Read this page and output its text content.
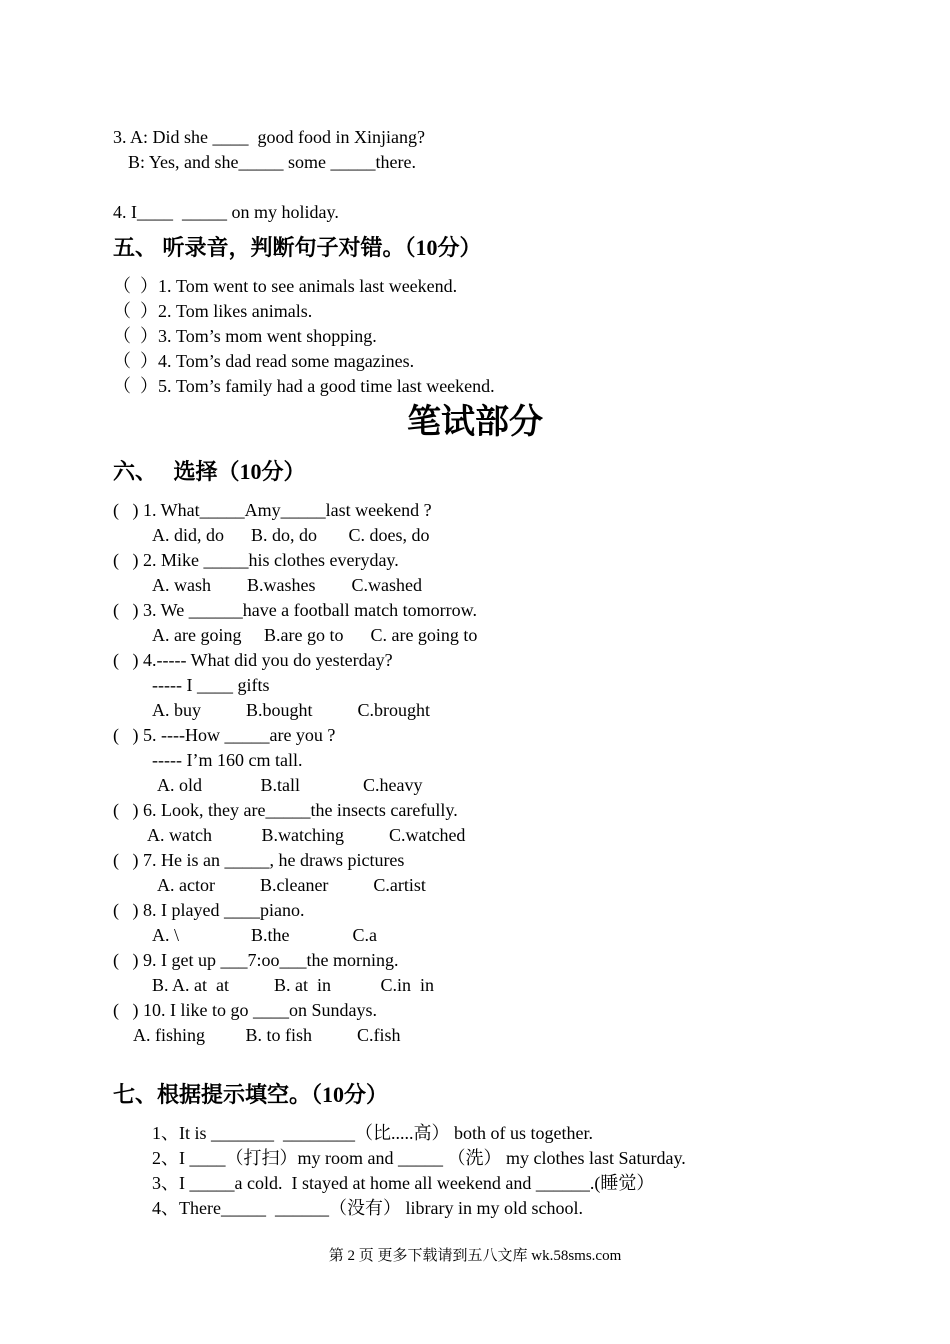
3. A: Did she ____  good food in Xinjiang?
B: Yes, and she_____ some _____there.
4. I____  _____ on my holiday.
五、 听录音，判断句子对错。（10分）
（  ）1. Tom went to see animals last weekend.
（  ）2. Tom likes animals.
（  ）3. Tom’s mom went shopping.
（  ）4. Tom’s dad read some magazines.
（  ）5. Tom’s family had a good time last weekend.
笔试部分
六、   选择（10分）
(   ) 1. What_____Amy_____last weekend ?
A. did, do      B. do, do       C. does, do
(   ) 2. Mike _____his clothes everyday.
A. wash        B.washes        C.washed
(   ) 3. We ______have a football match tomorrow.
A. are going     B.are go to      C. are going to
(   ) 4.----- What did you do yesterday?
----- I ____ gifts
A. buy          B.bought          C.brought
(   ) 5. ----How _____are you ?
----- I’m 160 cm tall.
A. old             B.tall              C.heavy
(   ) 6. Look, they are_____the insects carefully.
A. watch           B.watching          C.watched
(   ) 7. He is an _____, he draws pictures
A. actor          B.cleaner          C.artist
(   ) 8. I played ____piano.
A. \                B.the              C.a
(   ) 9. I get up ___7:oo___the morning.
B. A. at  at          B. at  in           C.in  in
(   ) 10. I like to go ____on Sundays.
A. fishing         B. to fish          C.fish
七、根据提示填空。（10分）
1、It is _______  ________（比.....高） both of us together.
2、I ____（打扫）my room and _____ （洗） my clothes last Saturday.
3、I _____a cold.  I stayed at home all weekend and ______.(睡觉）
4、There_____  ______（没有） library in my old school.
第 2 页 更多下载请到五八文库 wk.58sms.com
